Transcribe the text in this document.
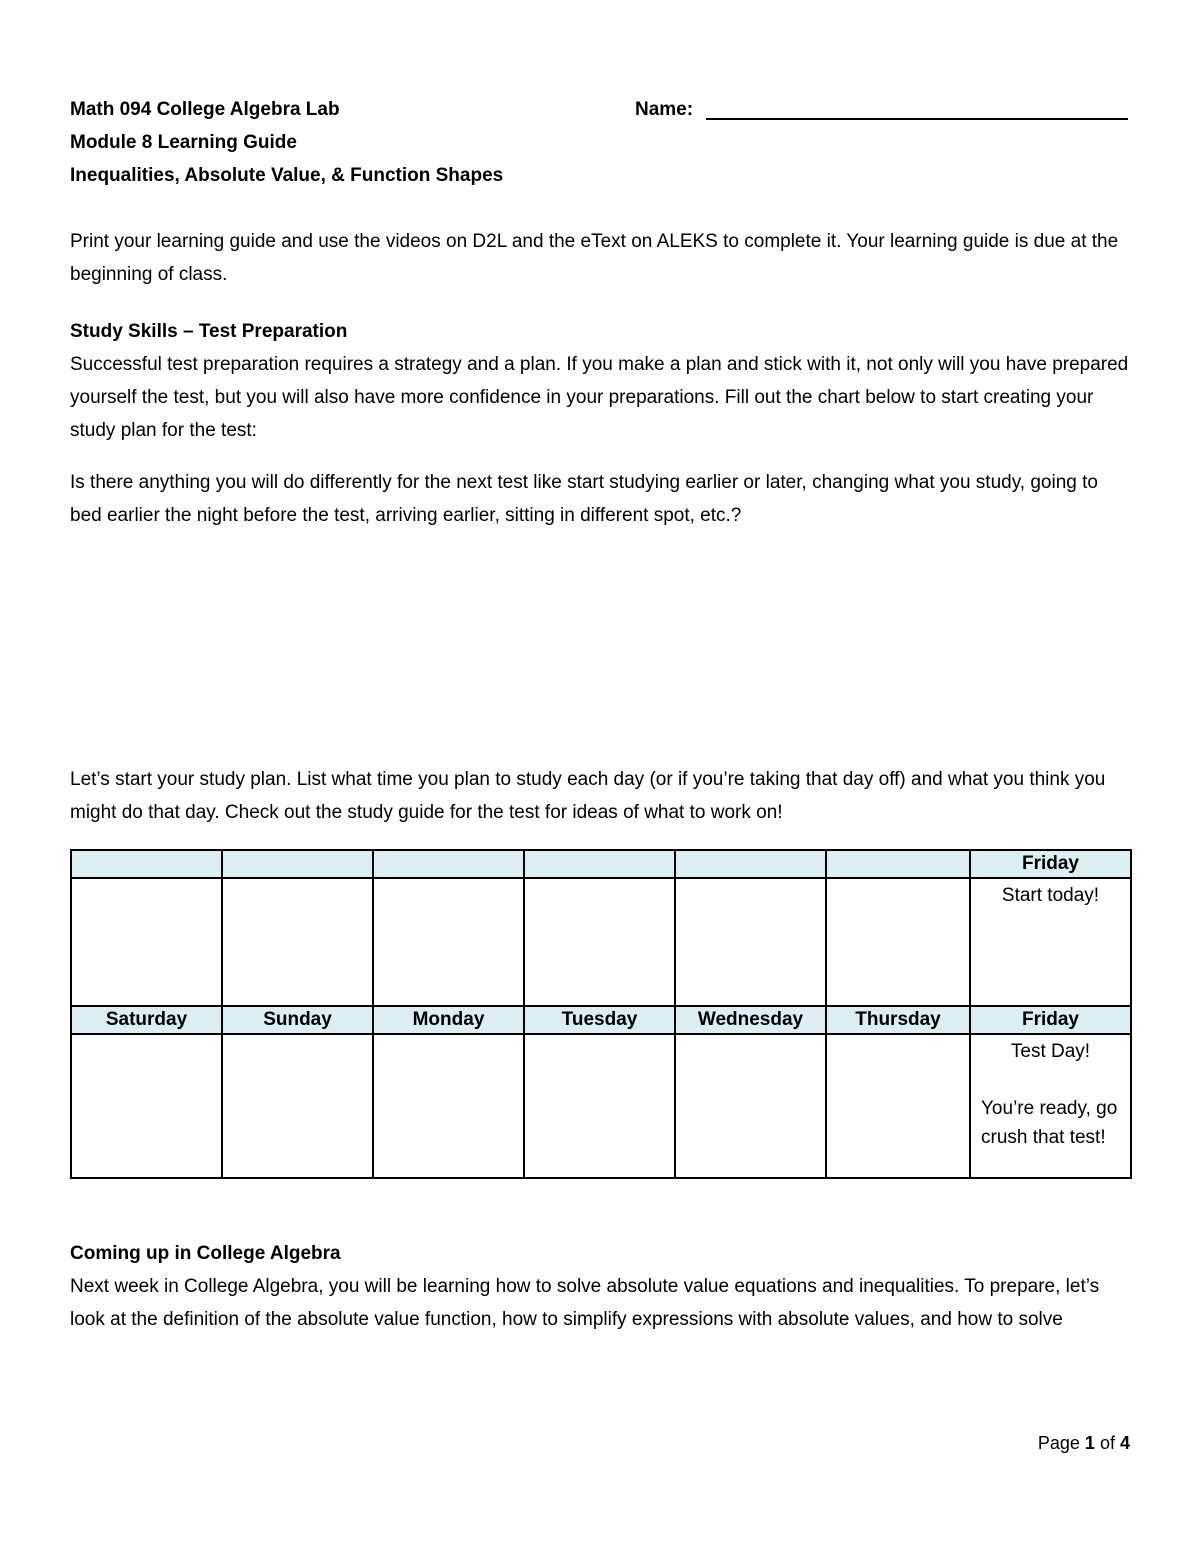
Math 094 College Algebra Lab	Name:
Module 8 Learning Guide
Inequalities, Absolute Value, & Function Shapes
Print your learning guide and use the videos on D2L and the eText on ALEKS to complete it. Your learning guide is due at the beginning of class.
Study Skills – Test Preparation
Successful test preparation requires a strategy and a plan. If you make a plan and stick with it, not only will you have prepared yourself the test, but you will also have more confidence in your preparations. Fill out the chart below to start creating your study plan for the test:
Is there anything you will do differently for the next test like start studying earlier or later, changing what you study, going to bed earlier the night before the test, arriving earlier, sitting in different spot, etc.?
Let’s start your study plan. List what time you plan to study each day (or if you’re taking that day off) and what you think you might do that day. Check out the study guide for the test for ideas of what to work on!
						Friday

						Start today!

Saturday	Sunday	Monday	Tuesday	Wednesday	Thursday	Friday

						Test Day!
You’re ready, go crush that test!
Coming up in College Algebra
Next week in College Algebra, you will be learning how to solve absolute value equations and inequalities. To prepare, let’s look at the definition of the absolute value function, how to simplify expressions with absolute values, and how to solve
Page 1 of 4
